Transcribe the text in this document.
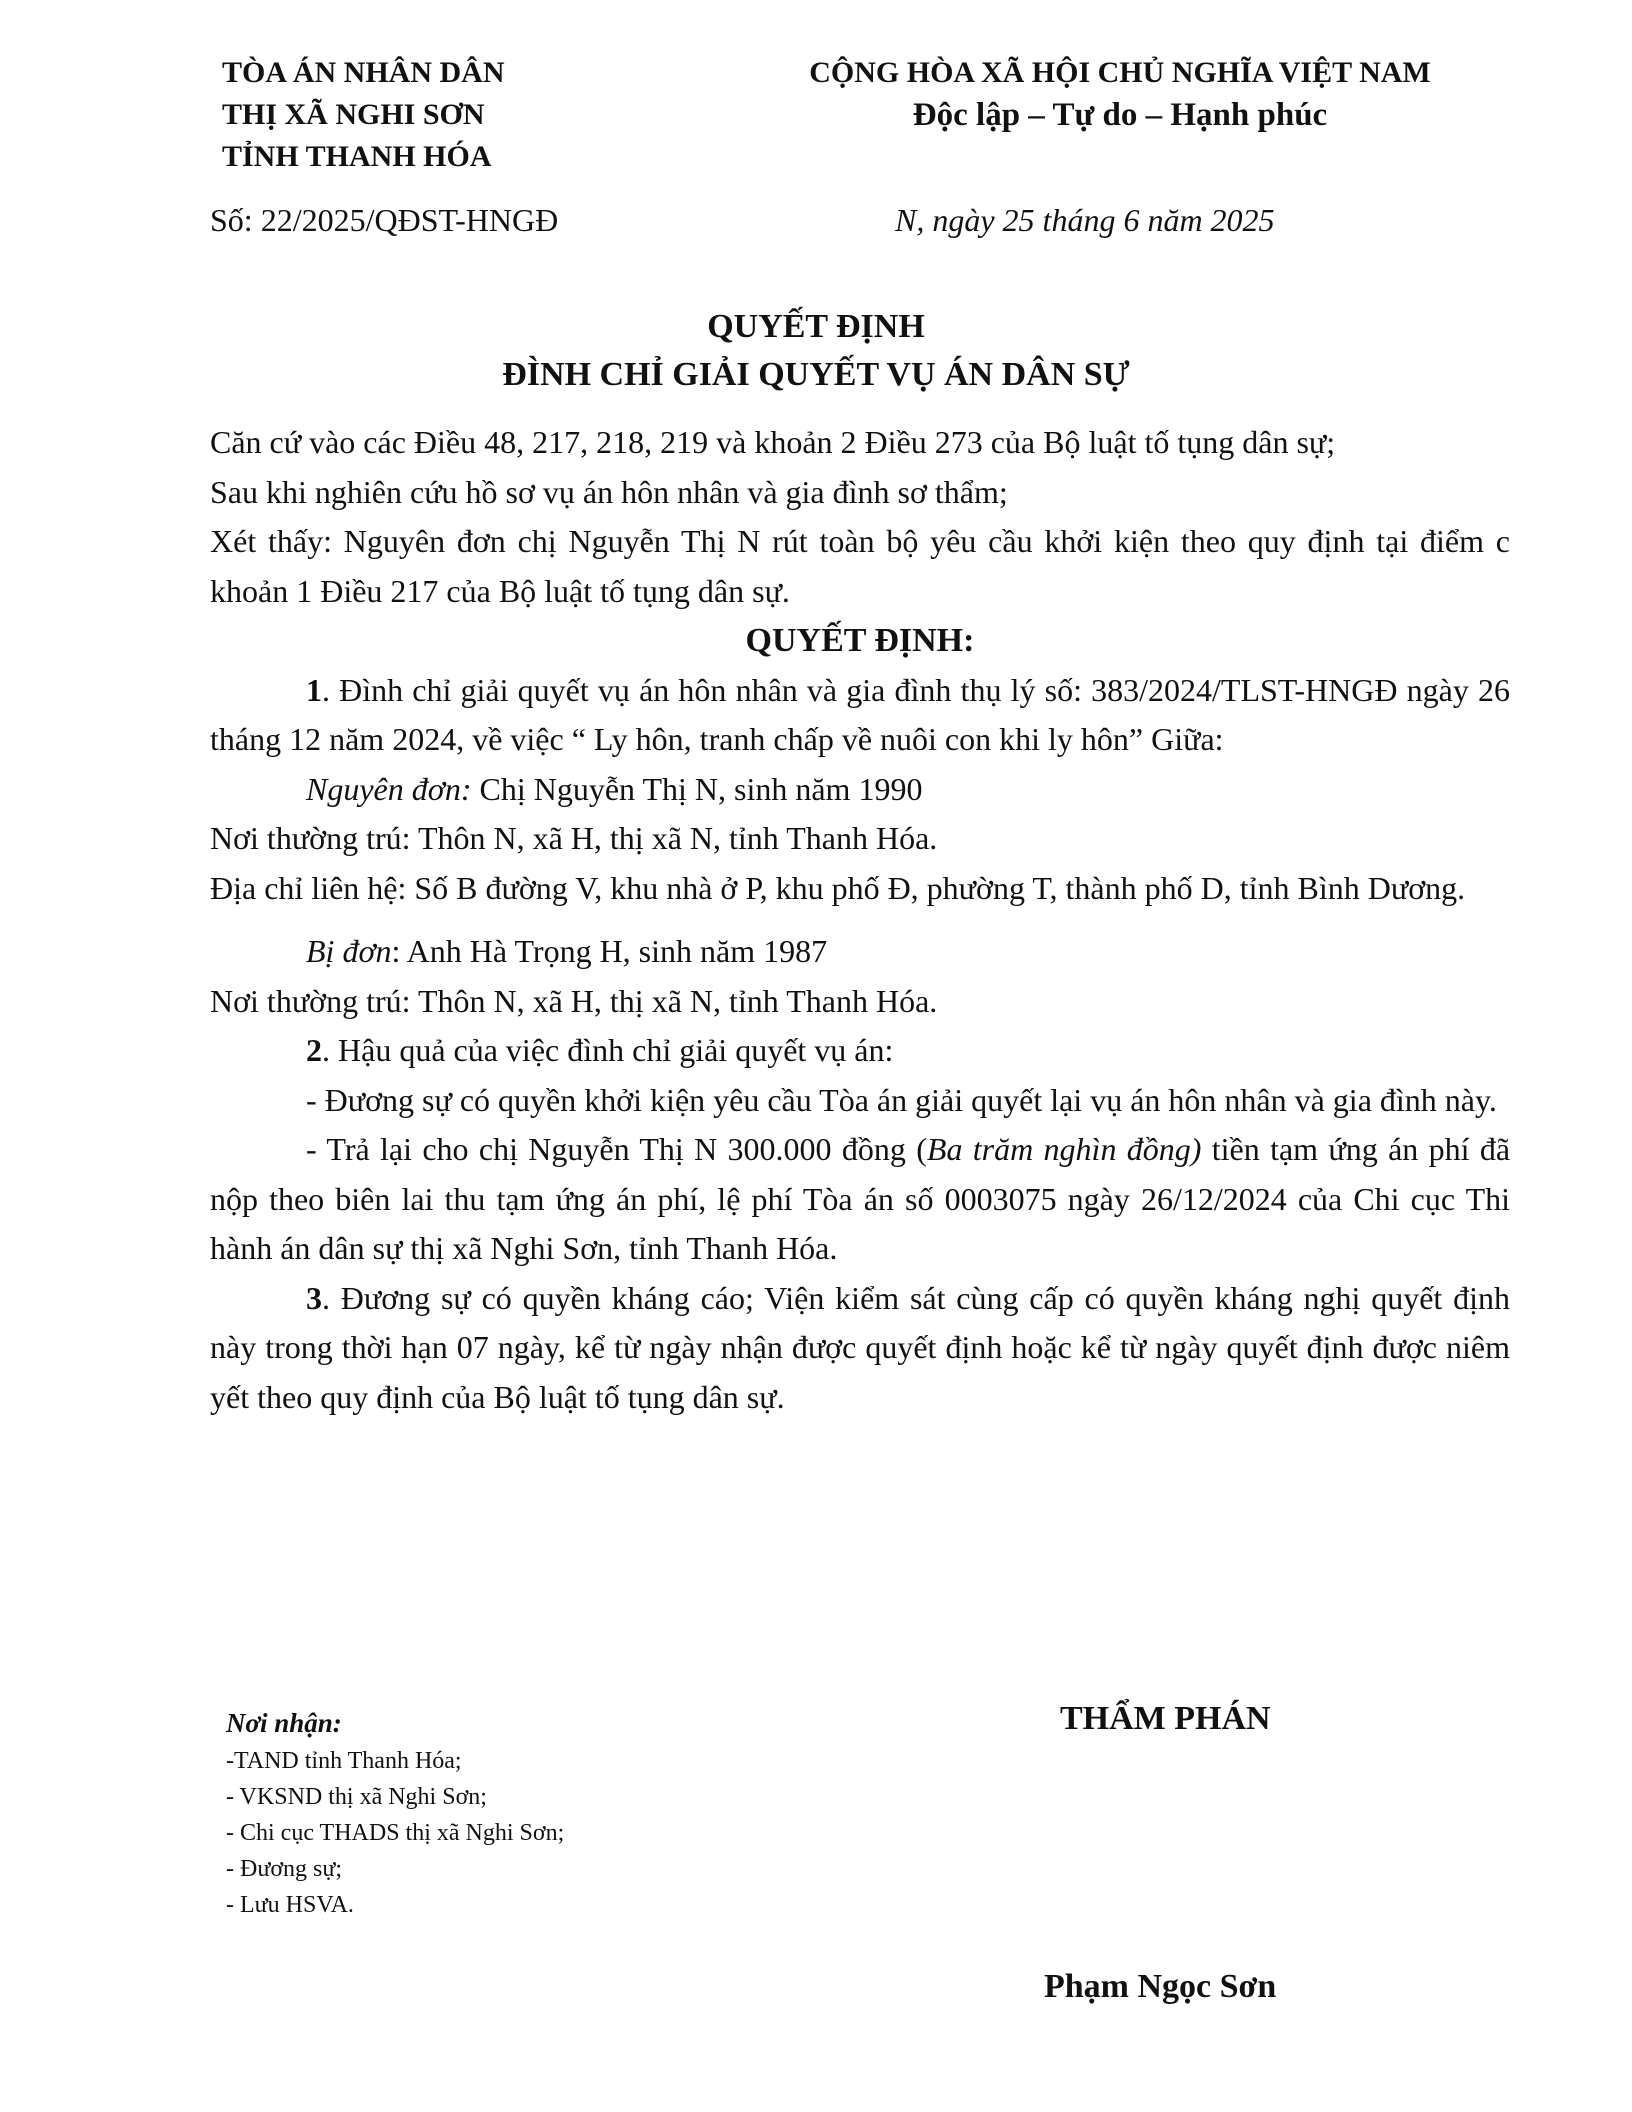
TÒA ÁN NHÂN DÂN
THỊ XÃ NGHI SƠN
TỈNH THANH HÓA
CỘNG HÒA XÃ HỘI CHỦ NGHĨA VIỆT NAM
Độc lập – Tự do – Hạnh phúc
Số: 22/2025/QĐST-HNGĐ	N, ngày 25 tháng 6 năm 2025
QUYẾT ĐỊNH
ĐÌNH CHỈ GIẢI QUYẾT VỤ ÁN DÂN SỰ

Căn cứ vào các Điều 48, 217, 218, 219 và khoản 2 Điều 273 của Bộ luật tố tụng dân sự;

Sau khi nghiên cứu hồ sơ vụ án hôn nhân và gia đình sơ thẩm;

Xét thấy: Nguyên đơn chị Nguyễn Thị N rút toàn bộ yêu cầu khởi kiện theo quy định tại điểm c khoản 1 Điều 217 của Bộ luật tố tụng dân sự.

QUYẾT ĐỊNH:

1. Đình chỉ giải quyết vụ án hôn nhân và gia đình thụ lý số: 383/2024/TLST-HNGĐ ngày 26 tháng 12 năm 2024, về việc “ Ly hôn, tranh chấp về nuôi con khi ly hôn” Giữa:

Nguyên đơn: Chị Nguyễn Thị N, sinh năm 1990

Nơi thường trú: Thôn N, xã H, thị xã N, tỉnh Thanh Hóa.

Địa chỉ liên hệ: Số B đường V, khu nhà ở P, khu phố Đ, phường T, thành phố D, tỉnh Bình Dương.

Bị đơn: Anh Hà Trọng H, sinh năm 1987

Nơi thường trú: Thôn N, xã H, thị xã N, tỉnh Thanh Hóa.

2. Hậu quả của việc đình chỉ giải quyết vụ án:

- Đương sự có quyền khởi kiện yêu cầu Tòa án giải quyết lại vụ án hôn nhân và gia đình này.

- Trả lại cho chị Nguyễn Thị N 300.000 đồng (Ba trăm nghìn đồng) tiền tạm ứng án phí đã nộp theo biên lai thu tạm ứng án phí, lệ phí Tòa án số 0003075 ngày 26/12/2024 của Chi cục Thi hành án dân sự thị xã Nghi Sơn, tỉnh Thanh Hóa.

3. Đương sự có quyền kháng cáo; Viện kiểm sát cùng cấp có quyền kháng nghị quyết định này trong thời hạn 07 ngày, kể từ ngày nhận được quyết định hoặc kể từ ngày quyết định được niêm yết theo quy định của Bộ luật tố tụng dân sự.

Nơi nhận:
-TAND tỉnh Thanh Hóa;
- VKSND thị xã Nghi Sơn;
- Chi cục THADS thị xã Nghi Sơn;
- Đương sự;
- Lưu HSVA.
THẨM PHÁN
Phạm Ngọc Sơn
